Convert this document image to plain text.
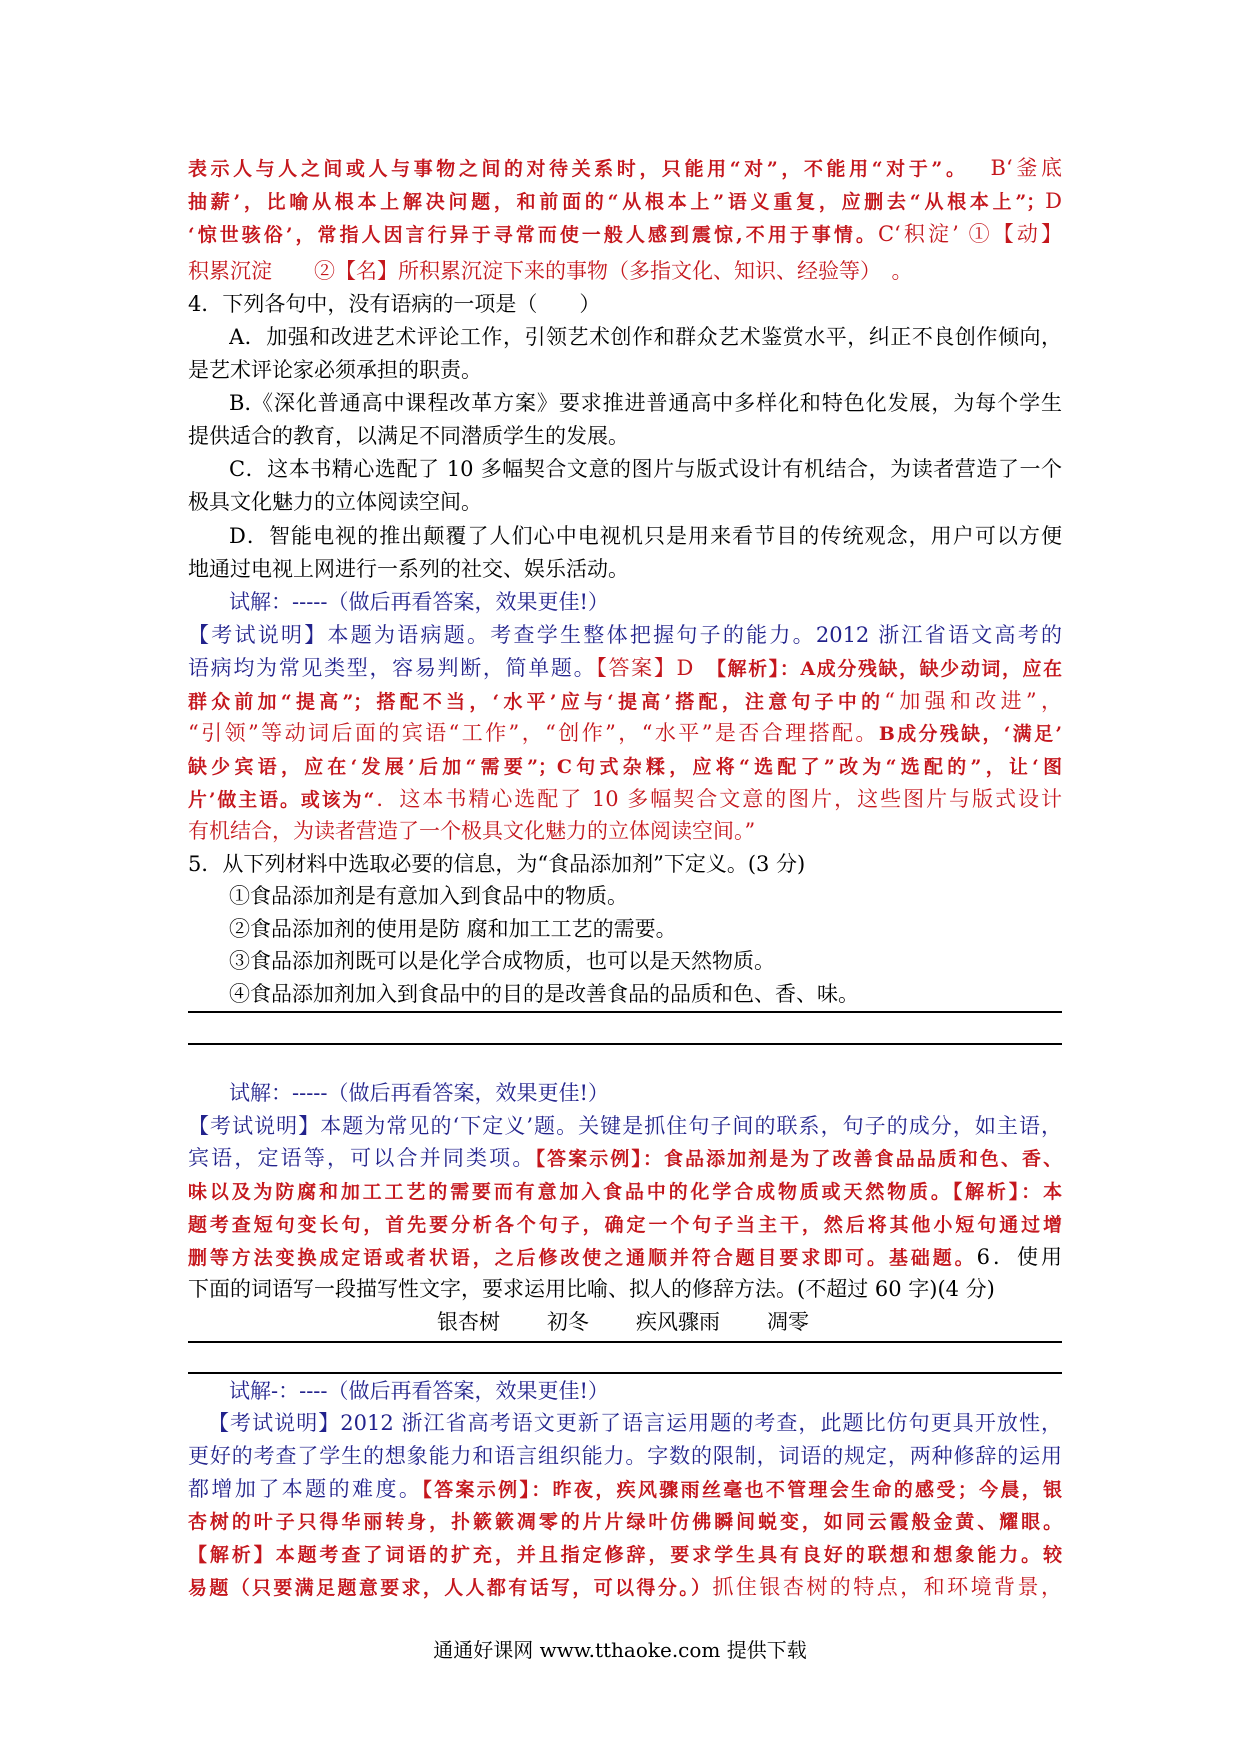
表示人与人之间或人与事物之间的对待关系时，只能用“对”，不能用“对于”。 B‘釜底
抽薪’，比喻从根本上解决问题，和前面的“从根本上”语义重复，应删去“从根本上”；D
‘惊世骇俗’，常指人因言行异于寻常而使一般人感到震惊,不用于事情。C‘积淀’ ①【动】
积累沉淀　　②【名】所积累沉淀下来的事物（多指文化、知识、经验等）　。
4．下列各句中，没有语病的一项是（　　）
A．加强和改进艺术评论工作，引领艺术创作和群众艺术鉴赏水平，纠正不良创作倾向，
是艺术评论家必须承担的职责。
B.《深化普通高中课程改革方案》要求推进普通高中多样化和特色化发展，为每个学生
提供适合的教育，以满足不同潜质学生的发展。
C．这本书精心选配了 10 多幅契合文意的图片与版式设计有机结合，为读者营造了一个
极具文化魅力的立体阅读空间。
D．智能电视的推出颠覆了人们心中电视机只是用来看节目的传统观念，用户可以方便
地通过电视上网进行一系列的社交、娱乐活动。
试解：-----（做后再看答案，效果更佳!）
【考试说明】本题为语病题。考查学生整体把握句子的能力。2012 浙江省语文高考的
语病均为常见类型，容易判断，简单题。【答案】D 【解析】：A成分残缺，缺少动词，应在
群众前加“提高”；搭配不当，‘水平’应与‘提高’搭配，注意句子中的“加强和改进”，
“引领”等动词后面的宾语“工作”，“创作”，“水平”是否合理搭配。B成分残缺，‘满足’
缺少宾语，应在‘发展’后加“需要”；C句式杂糅，应将“选配了”改为“选配的”，让‘图
片’做主语。或该为“．这本书精心选配了 10 多幅契合文意的图片，这些图片与版式设计
有机结合，为读者营造了一个极具文化魅力的立体阅读空间。”
5．从下列材料中选取必要的信息，为“食品添加剂”下定义。(3 分)
①食品添加剂是有意加入到食品中的物质。
②食品添加剂的使用是防 腐和加工工艺的需要。
③食品添加剂既可以是化学合成物质，也可以是天然物质。
④食品添加剂加入到食品中的目的是改善食品的品质和色、香、味。
试解：-----（做后再看答案，效果更佳!）
【考试说明】本题为常见的‘下定义’题。关键是抓住句子间的联系，句子的成分，如主语，
宾语，定语等，可以合并同类项。【答案示例】：食品添加剂是为了改善食品品质和色、香、
味以及为防腐和加工工艺的需要而有意加入食品中的化学合成物质或天然物质。【解析】：本
题考查短句变长句，首先要分析各个句子，确定一个句子当主干，然后将其他小短句通过增
删等方法变换成定语或者状语，之后修改使之通顺并符合题目要求即可。基础题。6．使用
下面的词语写一段描写性文字，要求运用比喻、拟人的修辞方法。(不超过 60 字)(4 分)
银杏树 初冬 疾风骤雨 凋零
试解-：----（做后再看答案，效果更佳!）
【考试说明】2012 浙江省高考语文更新了语言运用题的考查，此题比仿句更具开放性，
更好的考查了学生的想象能力和语言组织能力。字数的限制，词语的规定，两种修辞的运用
都增加了本题的难度。【答案示例】：昨夜，疾风骤雨丝毫也不管理会生命的感受；今晨，银
杏树的叶子只得华丽转身，扑簌簌凋零的片片绿叶仿佛瞬间蜕变，如同云霞般金黄、耀眼。
【解析】本题考查了词语的扩充，并且指定修辞，要求学生具有良好的联想和想象能力。较
易题（只要满足题意要求，人人都有话写，可以得分。）抓住银杏树的特点，和环境背景，
通通好课网 www.tthaoke.com 提供下载
